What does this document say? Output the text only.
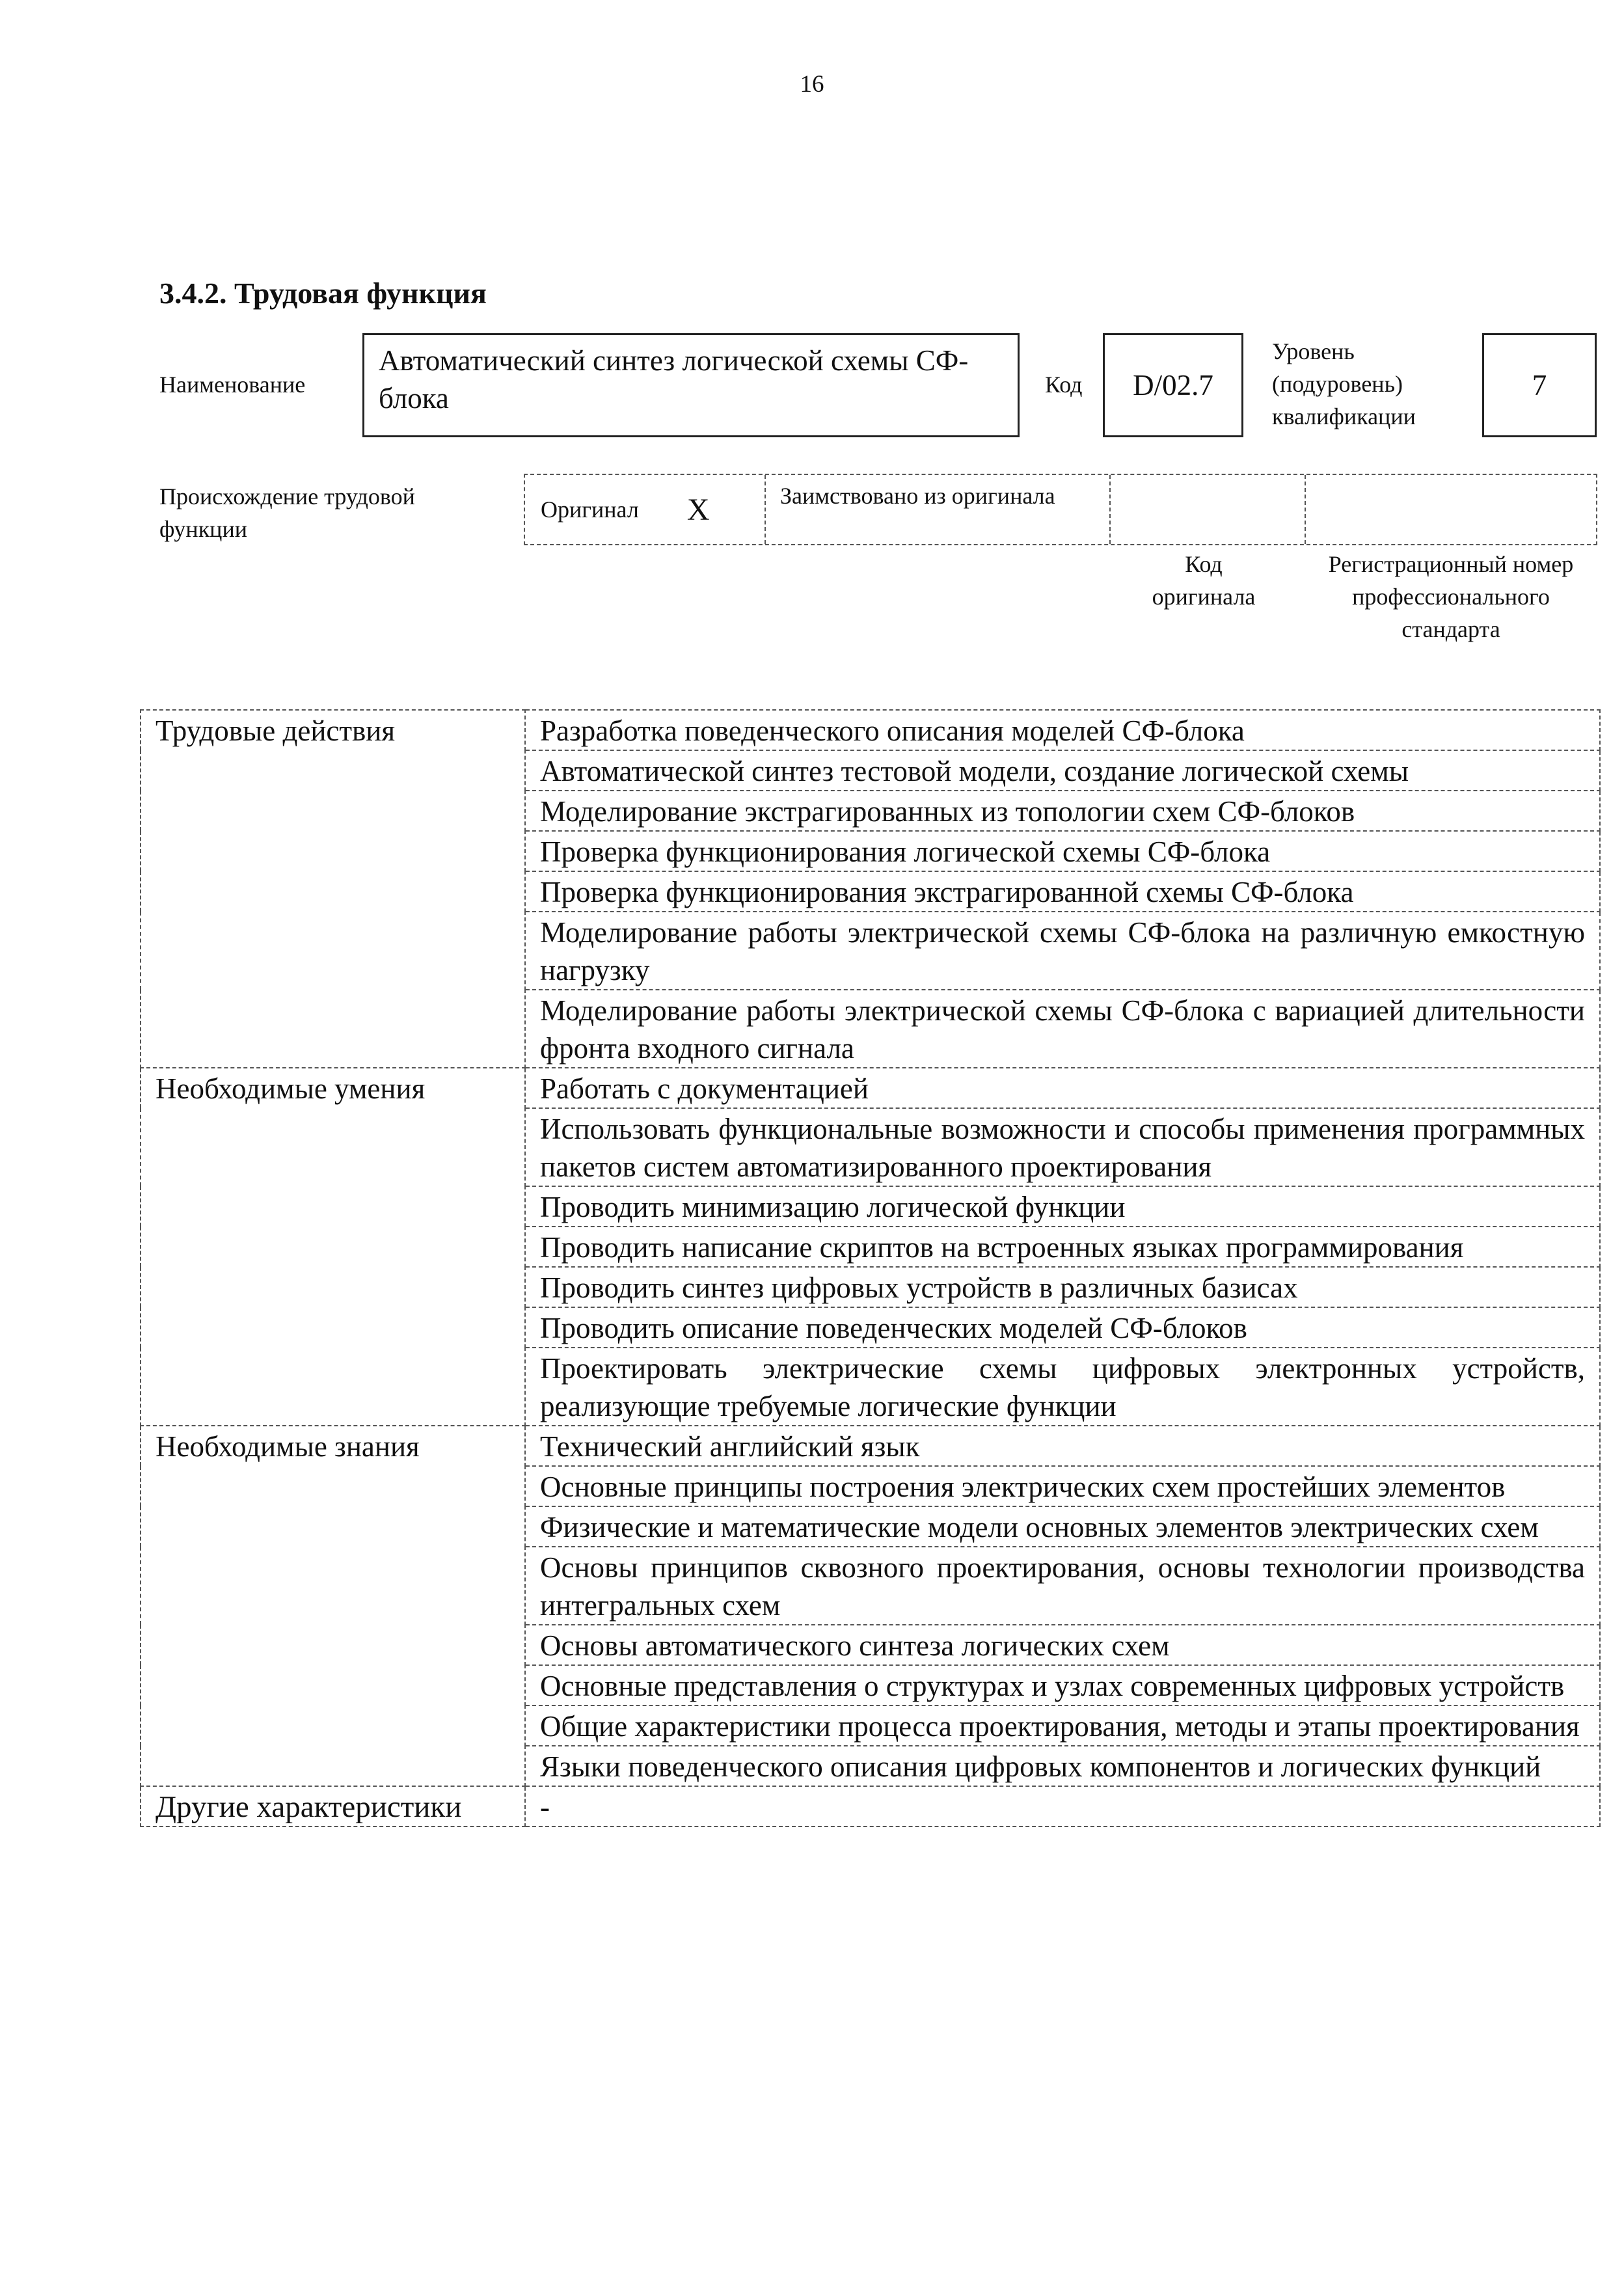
16
3.4.2. Трудовая функция
Наименование
Автоматический синтез логической схемы СФ-блока	Код	D/02.7
Уровень (подуровень) квалификации
7
Происхождение трудовой функции
Оригинал X	Заимствовано из оригинала
Код оригинала
Регистрационный номер профессионального стандарта
Трудовые действия	Разработка поведенческого описания моделей СФ-блока
	Автоматической синтез тестовой модели, создание логической схемы
	Моделирование экстрагированных из топологии схем СФ-блоков
	Проверка функционирования логической схемы СФ-блока
	Проверка функционирования экстрагированной схемы СФ-блока
	Моделирование работы электрической схемы СФ-блока на различную емкостную нагрузку
	Моделирование работы электрической схемы СФ-блока с вариацией длительности фронта входного сигнала
Необходимые умения	Работать с документацией
	Использовать функциональные возможности и способы применения программных пакетов систем автоматизированного проектирования
	Проводить минимизацию логической функции
	Проводить написание скриптов на встроенных языках программирования
	Проводить синтез цифровых устройств в различных базисах
	Проводить описание поведенческих моделей СФ-блоков
	Проектировать электрические схемы цифровых электронных устройств, реализующие требуемые логические функции
Необходимые знания	Технический английский язык
	Основные принципы построения электрических схем простейших элементов
	Физические и математические модели основных элементов электрических схем
	Основы принципов сквозного проектирования, основы технологии производства интегральных схем
	Основы автоматического синтеза логических схем
	Основные представления о структурах и узлах современных цифровых устройств
	Общие характеристики процесса проектирования, методы и этапы проектирования
	Языки поведенческого описания цифровых компонентов и логических функций
Другие характеристики	-
